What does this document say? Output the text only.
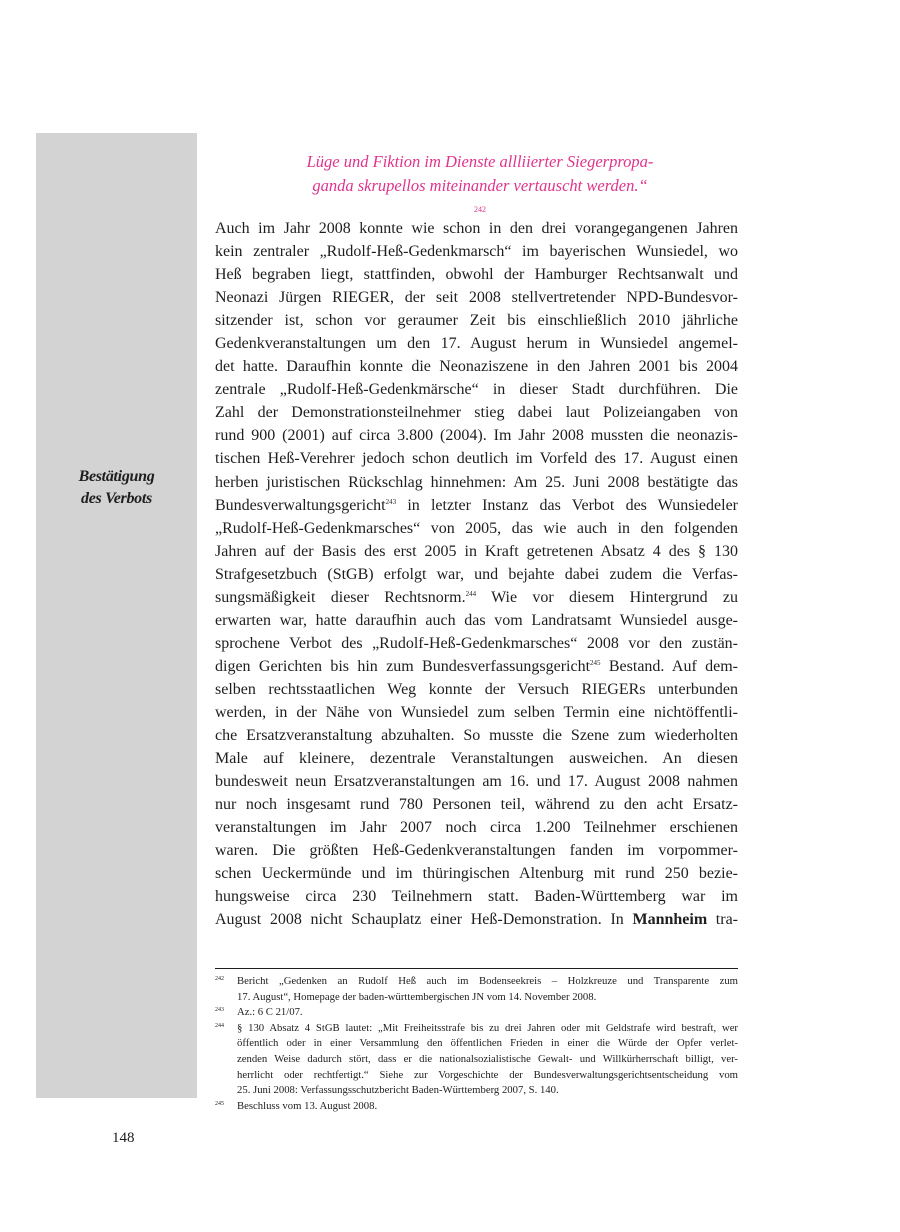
Bestätigung
des Verbots
Lüge und Fiktion im Dienste allliierter Siegerpropa-
ganda skrupellos miteinander vertauscht werden.“
$^{242}$
Auch im Jahr 2008 konnte wie schon in den drei vorangegangenen Jahren
kein zentraler „Rudolf-Heß-Gedenkmarsch“ im bayerischen Wunsiedel, wo
Heß begraben liegt, stattfinden, obwohl der Hamburger Rechtsanwalt und
Neonazi Jürgen RIEGER, der seit 2008 stellvertretender NPD-Bundesvor-
sitzender ist, schon vor geraumer Zeit bis einschließlich 2010 jährliche
Gedenkveranstaltungen um den 17. August herum in Wunsiedel angemel-
det hatte. Daraufhin konnte die Neonaziszene in den Jahren 2001 bis 2004
zentrale „Rudolf-Heß-Gedenkmärsche“ in dieser Stadt durchführen. Die
Zahl der Demonstrationsteilnehmer stieg dabei laut Polizeiangaben von
rund 900 (2001) auf circa 3.800 (2004). Im Jahr 2008 mussten die neonazis-
tischen Heß-Verehrer jedoch schon deutlich im Vorfeld des 17. August einen
herben juristischen Rückschlag hinnehmen: Am 25. Juni 2008 bestätigte das
Bundesverwaltungsgericht$^{243}$ in letzter Instanz das Verbot des Wunsiedeler
„Rudolf-Heß-Gedenkmarsches“ von 2005, das wie auch in den folgenden
Jahren auf der Basis des erst 2005 in Kraft getretenen Absatz 4 des § 130
Strafgesetzbuch (StGB) erfolgt war, und bejahte dabei zudem die Verfas-
sungsmäßigkeit dieser Rechtsnorm.$^{244}$ Wie vor diesem Hintergrund zu
erwarten war, hatte daraufhin auch das vom Landratsamt Wunsiedel ausge-
sprochene Verbot des „Rudolf-Heß-Gedenkmarsches“ 2008 vor den zustän-
digen Gerichten bis hin zum Bundesverfassungsgericht$^{245}$ Bestand. Auf dem-
selben rechtsstaatlichen Weg konnte der Versuch RIEGERs unterbunden
werden, in der Nähe von Wunsiedel zum selben Termin eine nichtöffentli-
che Ersatzveranstaltung abzuhalten. So musste die Szene zum wiederholten
Male auf kleinere, dezentrale Veranstaltungen ausweichen. An diesen
bundesweit neun Ersatzveranstaltungen am 16. und 17. August 2008 nahmen
nur noch insgesamt rund 780 Personen teil, während zu den acht Ersatz-
veranstaltungen im Jahr 2007 noch circa 1.200 Teilnehmer erschienen
waren. Die größten Heß-Gedenkveranstaltungen fanden im vorpommer-
schen Ueckermünde und im thüringischen Altenburg mit rund 250 bezie-
hungsweise circa 230 Teilnehmern statt. Baden-Württemberg war im
August 2008 nicht Schauplatz einer Heß-Demonstration. In Mannheim tra-
242 Bericht „Gedenken an Rudolf Heß auch im Bodenseekreis – Holzkreuze und Transparente zum
17. August“, Homepage der baden-württembergischen JN vom 14. November 2008.
243 Az.: 6 C 21/07.
244 § 130 Absatz 4 StGB lautet: „Mit Freiheitsstrafe bis zu drei Jahren oder mit Geldstrafe wird bestraft, wer
öffentlich oder in einer Versammlung den öffentlichen Frieden in einer die Würde der Opfer verlet-
zenden Weise dadurch stört, dass er die nationalsozialistische Gewalt- und Willkürherrschaft billigt, ver-
herrlicht oder rechtfertigt.“ Siehe zur Vorgeschichte der Bundesverwaltungsgerichtsentscheidung vom
25. Juni 2008: Verfassungsschutzbericht Baden-Württemberg 2007, S. 140.
245 Beschluss vom 13. August 2008.
148
